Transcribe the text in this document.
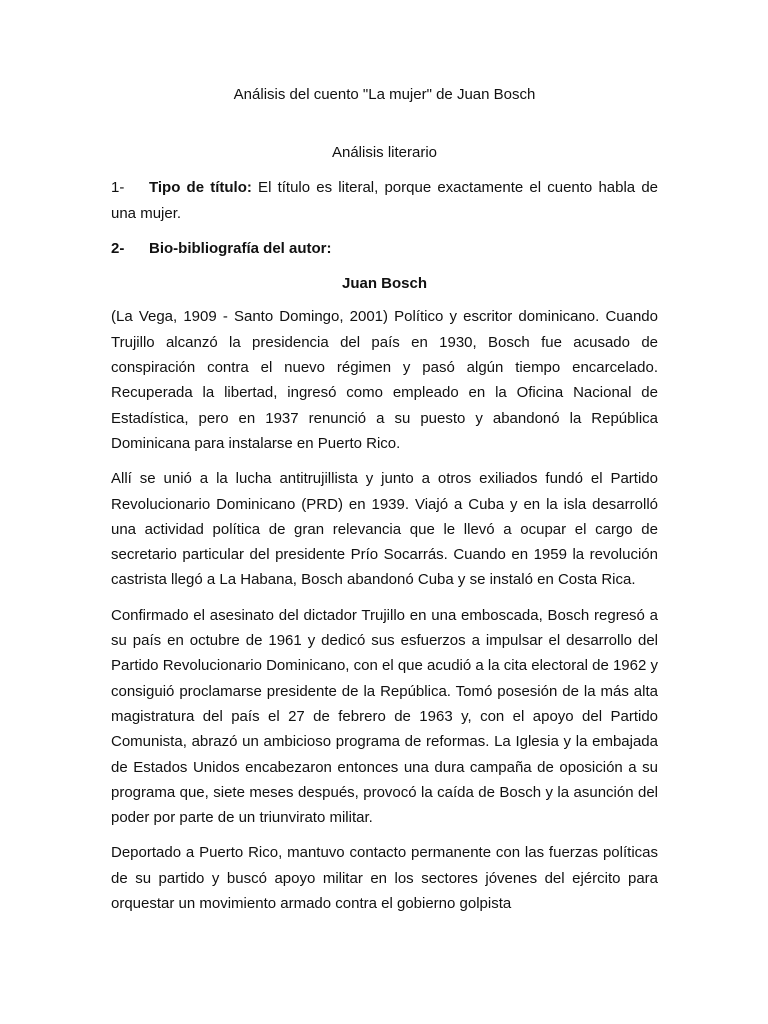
Análisis del cuento "La mujer" de Juan Bosch

Análisis literario

1- Tipo de título: El título es literal, porque exactamente el cuento habla de una mujer.

2- Bio-bibliografía del autor:

Juan Bosch

(La Vega, 1909 - Santo Domingo, 2001) Político y escritor dominicano. Cuando Trujillo alcanzó la presidencia del país en 1930, Bosch fue acusado de conspiración contra el nuevo régimen y pasó algún tiempo encarcelado. Recuperada la libertad, ingresó como empleado en la Oficina Nacional de Estadística, pero en 1937 renunció a su puesto y abandonó la República Dominicana para instalarse en Puerto Rico.

Allí se unió a la lucha antitrujillista y junto a otros exiliados fundó el Partido Revolucionario Dominicano (PRD) en 1939. Viajó a Cuba y en la isla desarrolló una actividad política de gran relevancia que le llevó a ocupar el cargo de secretario particular del presidente Prío Socarrás. Cuando en 1959 la revolución castrista llegó a La Habana, Bosch abandonó Cuba y se instaló en Costa Rica.

Confirmado el asesinato del dictador Trujillo en una emboscada, Bosch regresó a su país en octubre de 1961 y dedicó sus esfuerzos a impulsar el desarrollo del Partido Revolucionario Dominicano, con el que acudió a la cita electoral de 1962 y consiguió proclamarse presidente de la República. Tomó posesión de la más alta magistratura del país el 27 de febrero de 1963 y, con el apoyo del Partido Comunista, abrazó un ambicioso programa de reformas. La Iglesia y la embajada de Estados Unidos encabezaron entonces una dura campaña de oposición a su programa que, siete meses después, provocó la caída de Bosch y la asunción del poder por parte de un triunvirato militar.

Deportado a Puerto Rico, mantuvo contacto permanente con las fuerzas políticas de su partido y buscó apoyo militar en los sectores jóvenes del ejército para orquestar un movimiento armado contra el gobierno golpista
